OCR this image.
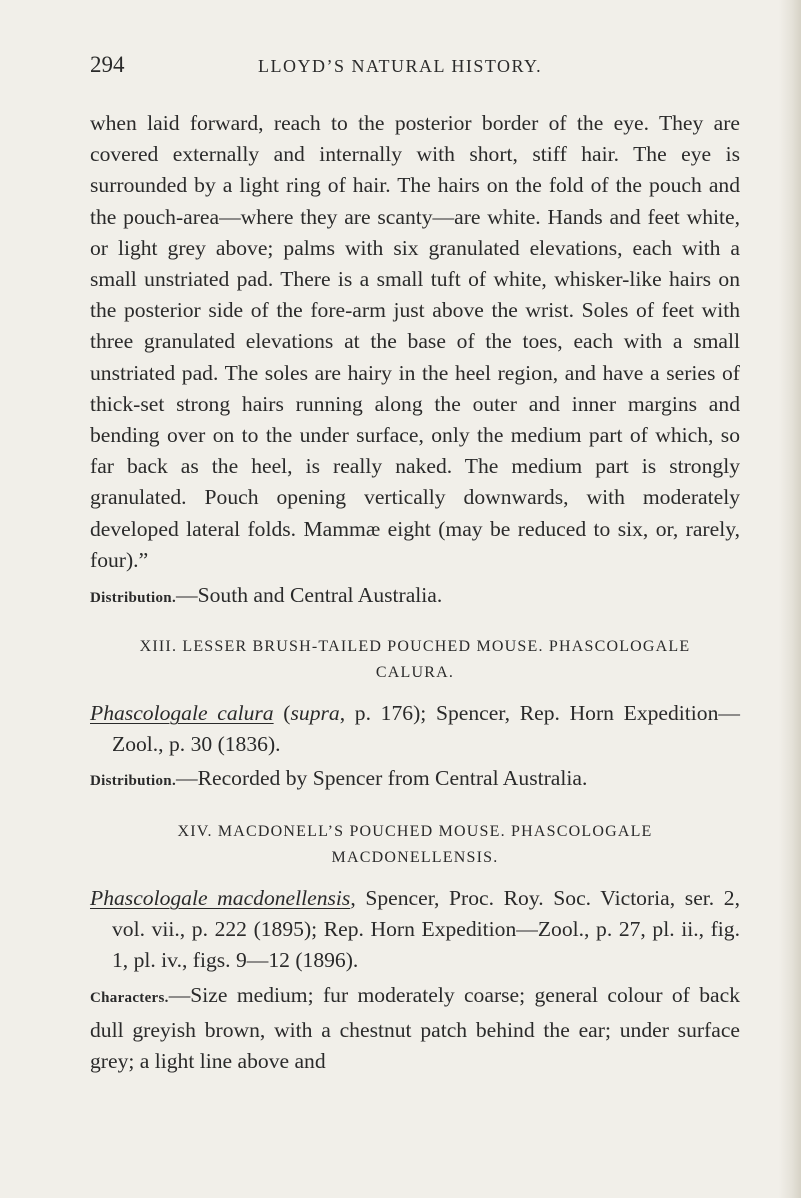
294	LLOYD’S NATURAL HISTORY.

when laid forward, reach to the posterior border of the eye. They are covered externally and internally with short, stiff hair. The eye is surrounded by a light ring of hair. The hairs on the fold of the pouch and the pouch-area—where they are scanty—are white. Hands and feet white, or light grey above; palms with six granulated elevations, each with a small unstriated pad. There is a small tuft of white, whisker-like hairs on the posterior side of the fore-arm just above the wrist. Soles of feet with three granulated elevations at the base of the toes, each with a small unstriated pad. The soles are hairy in the heel region, and have a series of thick-set strong hairs running along the outer and inner margins and bending over on to the under surface, only the medium part of which, so far back as the heel, is really naked. The medium part is strongly granulated. Pouch opening vertically downwards, with moderately developed lateral folds. Mammæ eight (may be reduced to six, or, rarely, four).”

Distribution.—South and Central Australia.

XIII. LESSER BRUSH-TAILED POUCHED MOUSE. PHASCOLOGALE

CALURA.

Phascologale calura (supra, p. 176); Spencer, Rep. Horn Expedition—Zool., p. 30 (1836).

Distribution.—Recorded by Spencer from Central Australia.

XIV. MACDONELL’S POUCHED MOUSE. PHASCOLOGALE

MACDONELLENSIS.

Phascologale macdonellensis, Spencer, Proc. Roy. Soc. Victoria, ser. 2, vol. vii., p. 222 (1895); Rep. Horn Expedition—Zool., p. 27, pl. ii., fig. 1, pl. iv., figs. 9—12 (1896).

Characters.—Size medium; fur moderately coarse; general colour of back dull greyish brown, with a chestnut patch behind the ear; under surface grey; a light line above and
